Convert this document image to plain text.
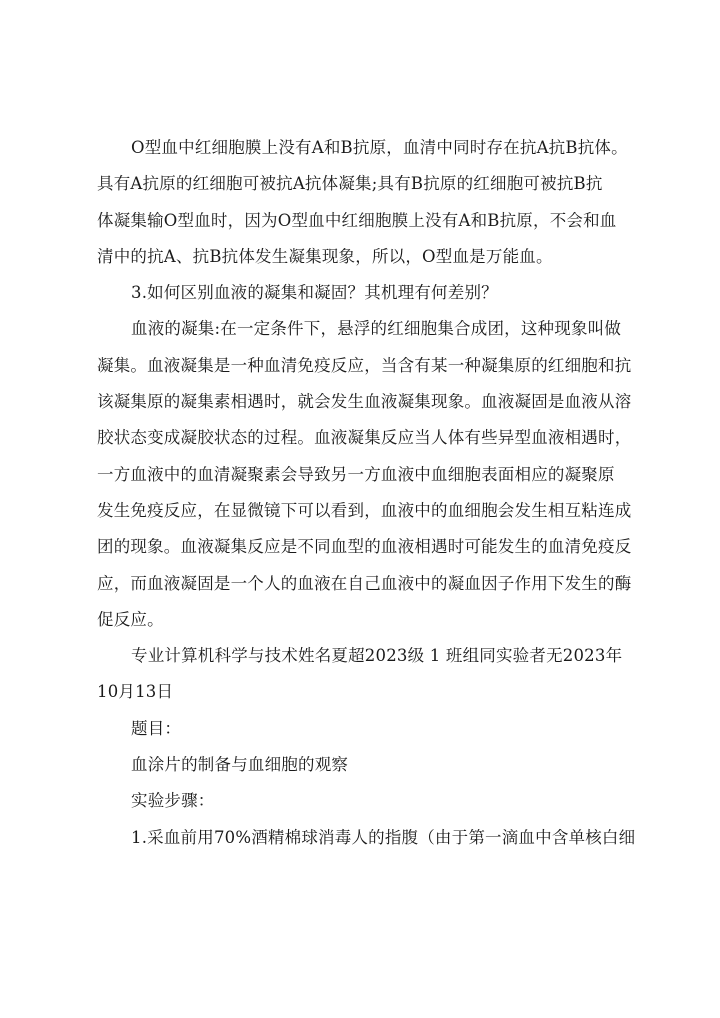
O型血中红细胞膜上没有A和B抗原，血清中同时存在抗A抗B抗体。
具有A抗原的红细胞可被抗A抗体凝集;具有B抗原的红细胞可被抗B抗
体凝集输O型血时，因为O型血中红细胞膜上没有A和B抗原，不会和血
清中的抗A、抗B抗体发生凝集现象，所以，O型血是万能血。
3.如何区别血液的凝集和凝固？其机理有何差别？
血液的凝集:在一定条件下，悬浮的红细胞集合成团，这种现象叫做
凝集。血液凝集是一种血清免疫反应，当含有某一种凝集原的红细胞和抗
该凝集原的凝集素相遇时，就会发生血液凝集现象。血液凝固是血液从溶
胶状态变成凝胶状态的过程。血液凝集反应当人体有些异型血液相遇时，
一方血液中的血清凝聚素会导致另一方血液中血细胞表面相应的凝聚原
发生免疫反应，在显微镜下可以看到，血液中的血细胞会发生相互粘连成
团的现象。血液凝集反应是不同血型的血液相遇时可能发生的血清免疫反
应，而血液凝固是一个人的血液在自己血液中的凝血因子作用下发生的酶
促反应。
专业计算机科学与技术姓名夏超2023级 1 班组同实验者无2023年
10月13日
题目：
血涂片的制备与血细胞的观察
实验步骤：
1.采血前用70%酒精棉球消毒人的指腹（由于第一滴血中含单核白细
